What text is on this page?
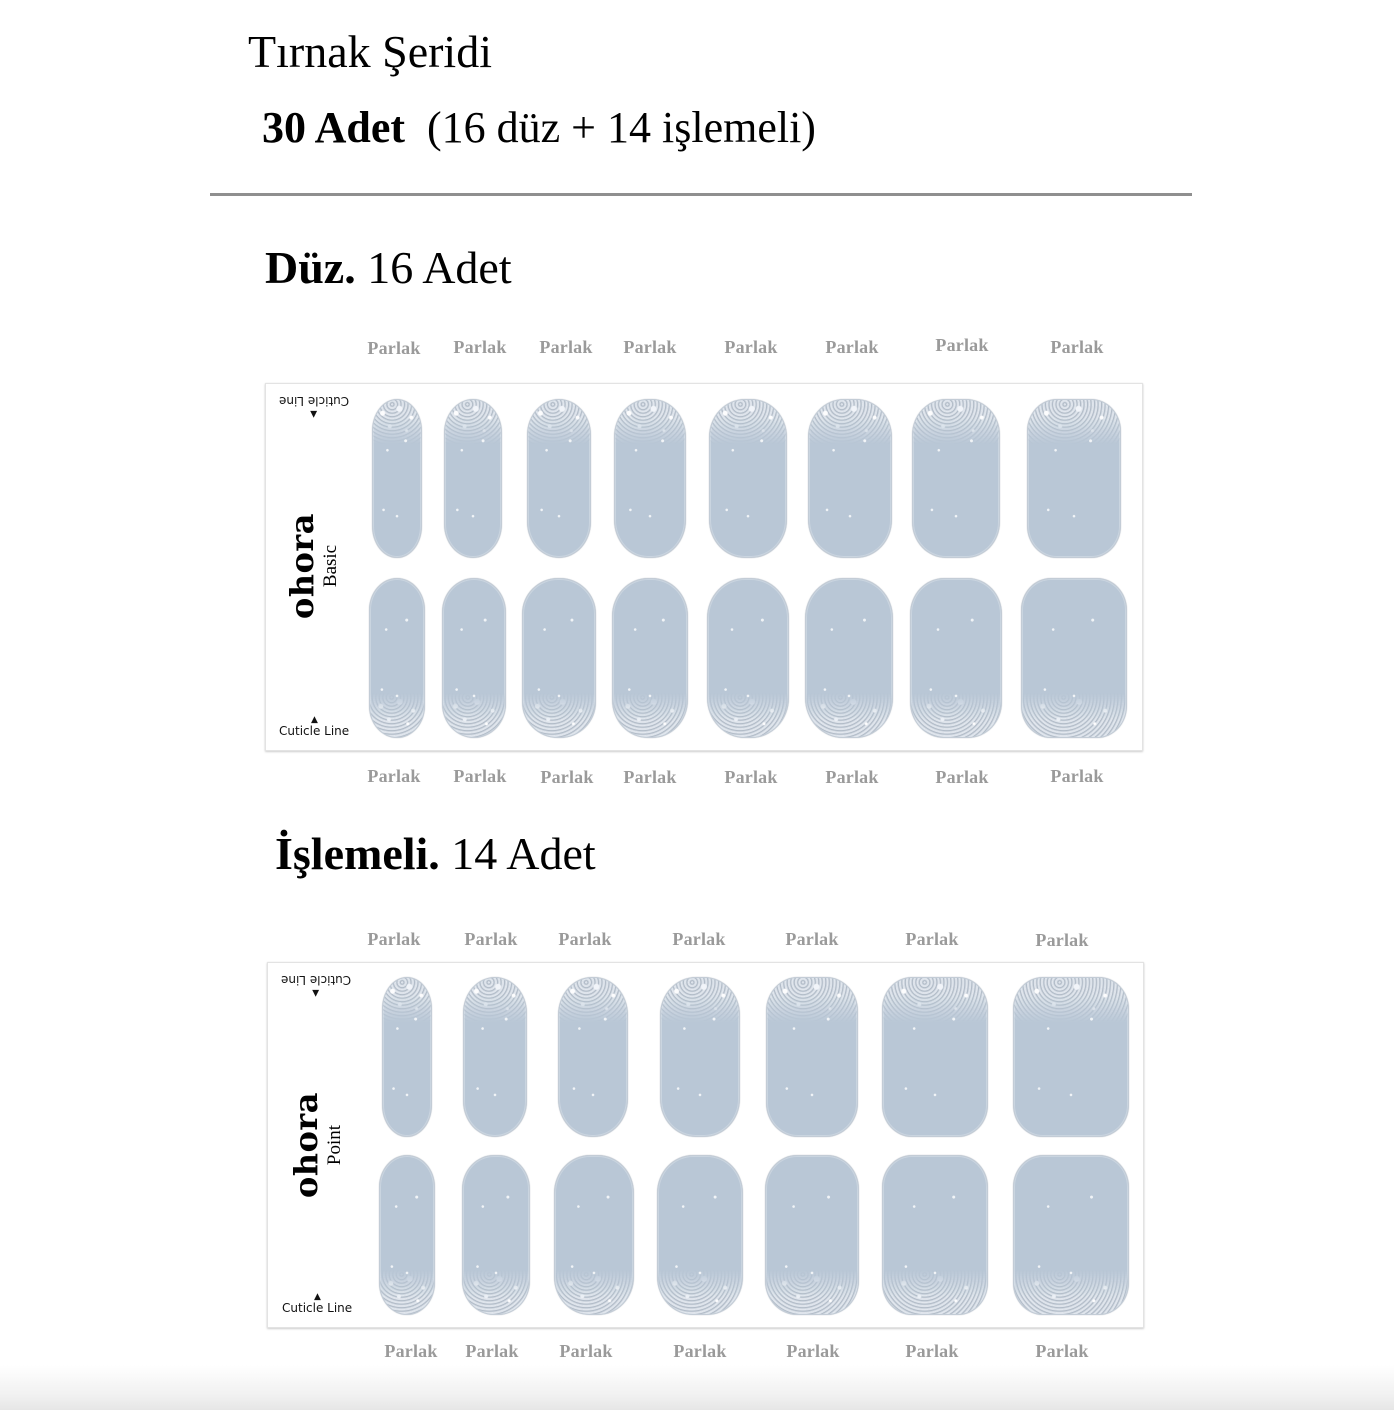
Tırnak Şeridi
30 Adet (16 düz + 14 işlemeli)
Düz. 16 Adet
Parlak Parlak Parlak Parlak	Parlak	Parlak	Parlak	Parlak
▲
Cuticle Line
ohora Basic
▲
Cuticle Line
Parlak Parlak Parlak Parlak	Parlak	Parlak	Parlak	Parlak
İşlemeli. 14 Adet
Parlak Parlak Parlak	Parlak	Parlak	Parlak	Parlak
▲
Cuticle Line
ohora Point
▲
Cuticle Line
Parlak Parlak Parlak	Parlak	Parlak	Parlak	Parlak
